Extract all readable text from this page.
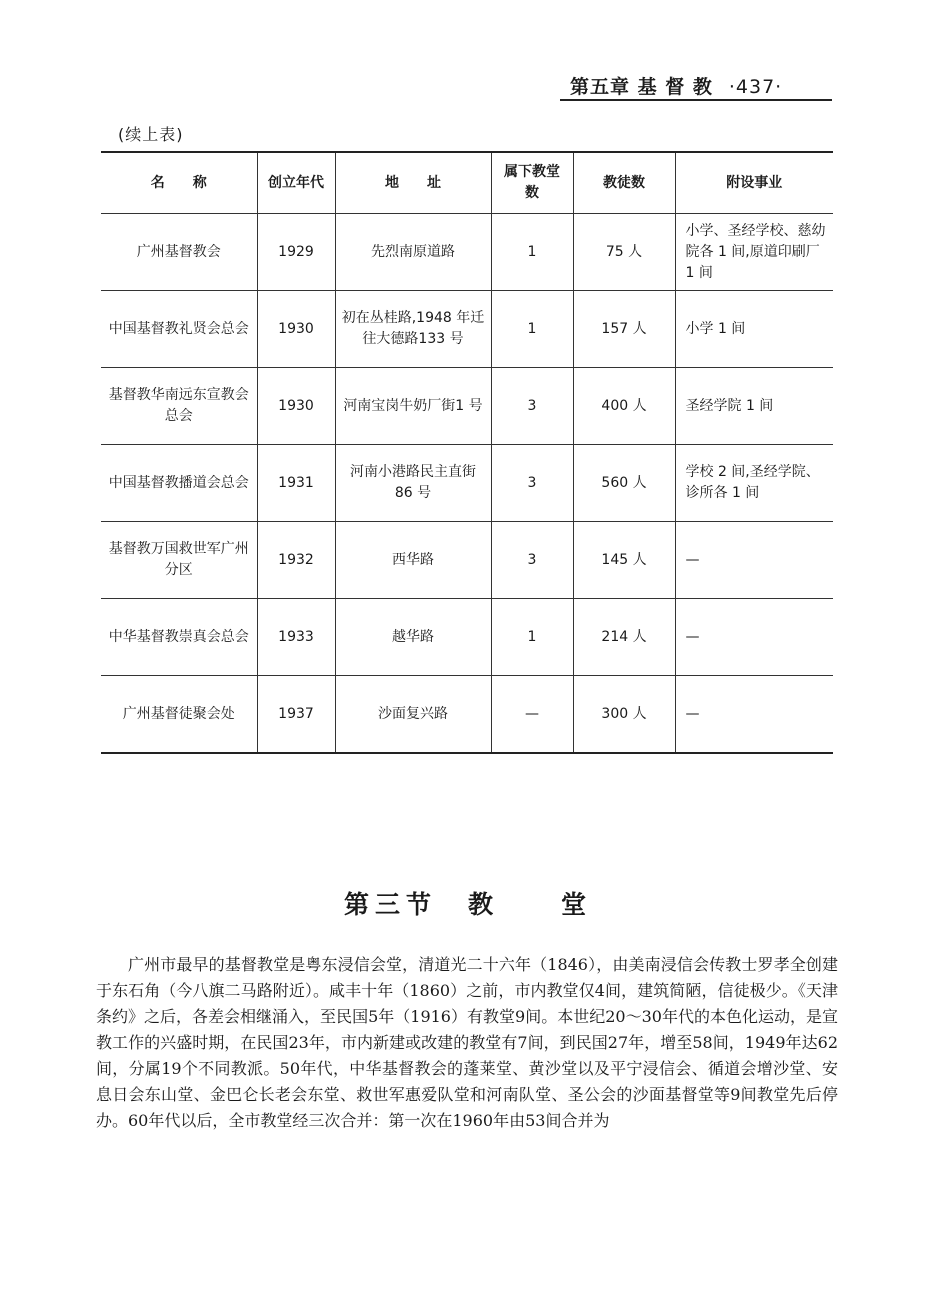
第五章 基 督 教 ·437·
(续上表)
名　　称	创立年代	地　　址	属下教堂数	教徒数	附设事业
广州基督教会	1929	先烈南原道路	1	75 人	小学、圣经学校、慈幼院各 1 间,原道印刷厂 1 间
中国基督教礼贤会总会	1930	初在丛桂路,1948 年迁往大德路133 号	1	157 人	小学 1 间
基督教华南远东宣教会总会	1930	河南宝岗牛奶厂街1 号	3	400 人	圣经学院 1 间
中国基督教播道会总会	1931	河南小港路民主直街 86 号	3	560 人	学校 2 间,圣经学院、诊所各 1 间
基督教万国救世军广州分区	1932	西华路	3	145 人	—
中华基督教崇真会总会	1933	越华路	1	214 人	—
广州基督徒聚会处	1937	沙面复兴路	—	300 人	—
第三节　教　　堂

广州市最早的基督教堂是粤东浸信会堂，清道光二十六年（1846），由美南浸信会传教士罗孝全创建于东石角（今八旗二马路附近）。咸丰十年（1860）之前，市内教堂仅4间，建筑简陋，信徒极少。《天津条约》之后，各差会相继涌入，至民国5年（1916）有教堂9间。本世纪20～30年代的本色化运动，是宣教工作的兴盛时期，在民国23年，市内新建或改建的教堂有7间，到民国27年，增至58间，1949年达62间，分属19个不同教派。50年代，中华基督教会的蓬莱堂、黄沙堂以及平宁浸信会、循道会增沙堂、安息日会东山堂、金巴仑长老会东堂、救世军惠爱队堂和河南队堂、圣公会的沙面基督堂等9间教堂先后停办。60年代以后，全市教堂经三次合并：第一次在1960年由53间合并为
